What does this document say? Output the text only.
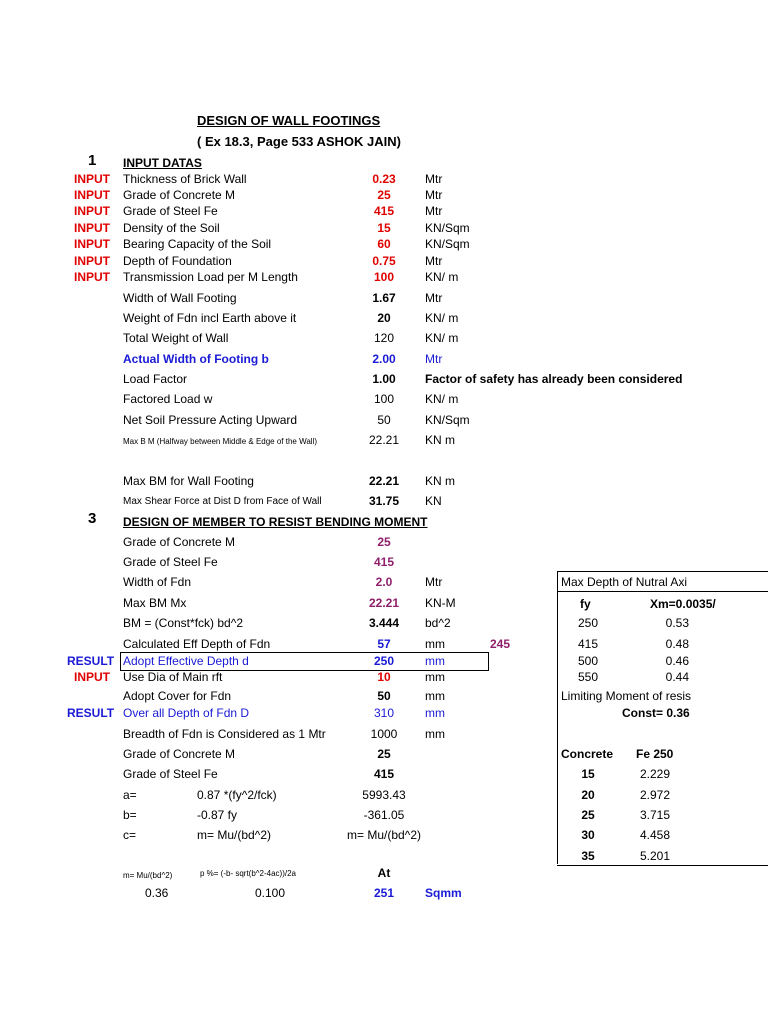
DESIGN OF WALL FOOTINGS
( Ex 18.3, Page 533 ASHOK JAIN)
1 INPUT DATAS
INPUT Thickness of Brick Wall	0.23	Mtr
INPUT Grade of Concrete M	25	Mtr
INPUT Grade of Steel Fe	415	Mtr
INPUT Density of the Soil	15	KN/Sqm
INPUT Bearing Capacity of the Soil	60	KN/Sqm
INPUT Depth of Foundation	0.75	Mtr
INPUT Transmission Load per M Length	100	KN/ m
Width of Wall Footing	1.67	Mtr
Weight of Fdn incl Earth above it	20	KN/ m
Total Weight of Wall	120	KN/ m
Actual Width of Footing b	2.00	Mtr
Load Factor	1.00	Factor of safety has already been considered
Factored Load w	100	KN/ m
Net Soil Pressure Acting Upward	50	KN/Sqm
Max B M (Halfway between Middle & Edge of the Wall)	22.21	KN m
Max BM for Wall Footing	22.21	KN m
Max Shear Force at Dist D from Face of Wall	31.75	KN
3 DESIGN OF MEMBER TO RESIST BENDING MOMENT
Grade of Concrete M	25
Grade of Steel Fe	415
Width of Fdn	2.0	Mtr
Max BM Mx	22.21	KN-M
BM = (Const*fck) bd^2	3.444	bd^2
Calculated Eff Depth of Fdn	57	mm	245
RESULT Adopt Effective Depth d	250	mm
INPUT Use Dia of Main rft	10	mm
Adopt Cover for Fdn	50	mm
RESULT Over all Depth of Fdn D	310	mm
Breadth of Fdn is Considered as 1 Mtr	1000	mm
Grade of Concrete M	25
Grade of Steel Fe	415
a=	0.87 *(fy^2/fck)	5993.43
b=	-0.87 fy	-361.05
c=	m= Mu/(bd^2)	m= Mu/(bd^2)
m= Mu/(bd^2)	p %= (-b- sqrt(b^2-4ac))/2a	At
0.36	0.100	251	Sqmm
Max Depth of Nutral Axi
fy	Xm=0.0035/
250	0.53
415	0.48
500	0.46
550	0.44
Limiting Moment of resis
Const= 0.36
Concrete Fe 250
15	2.229
20	2.972
25	3.715
30	4.458
35	5.201
